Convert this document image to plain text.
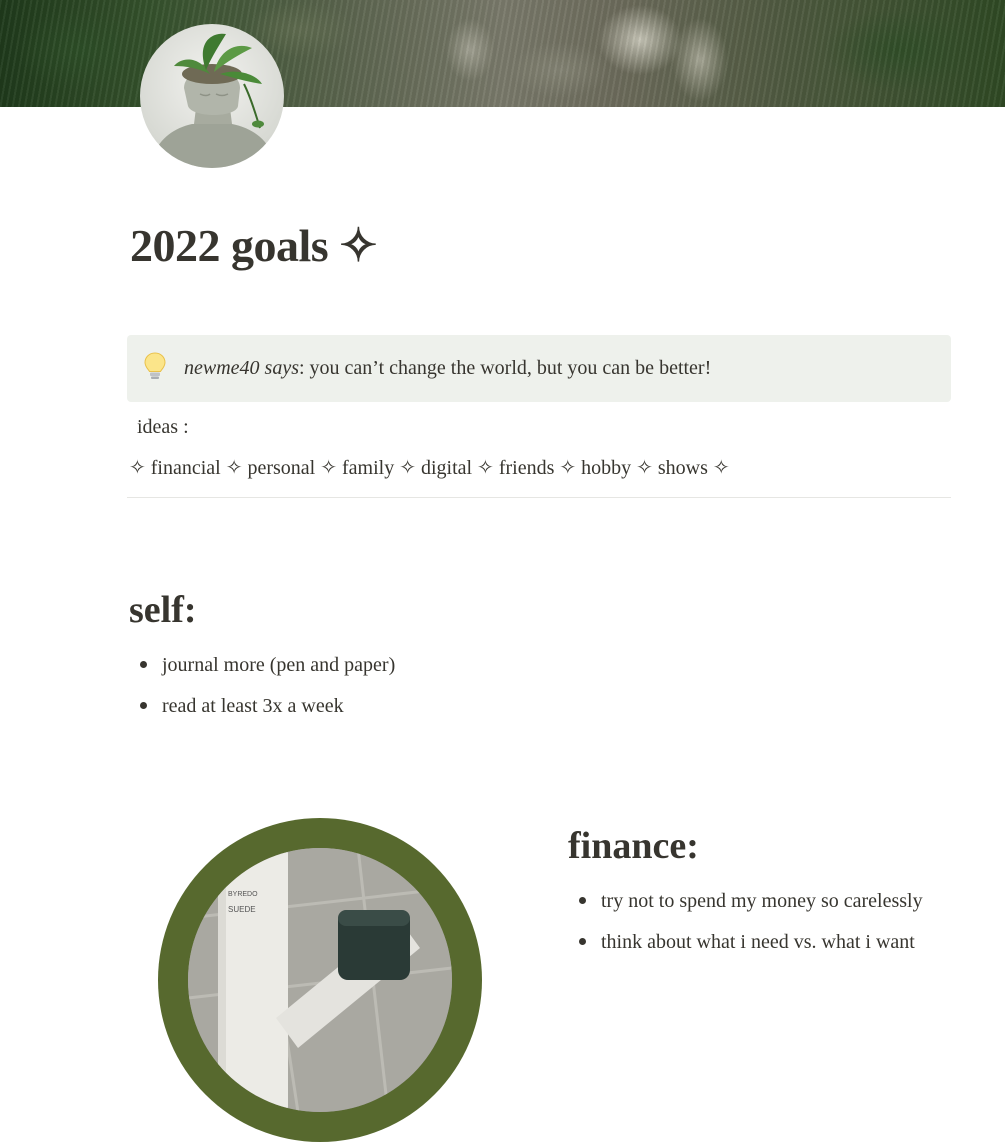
2022 goals ✧
newme40 says: you can’t change the world, but you can be better!
ideas :
✧ financial ✧ personal ✧ family ✧ digital ✧ friends ✧ hobby ✧ shows ✧
self:
journal more (pen and paper)
read at least 3x a week
BYREDO
SUEDE
finance:
try not to spend my money so carelessly
think about what i need vs. what i want
